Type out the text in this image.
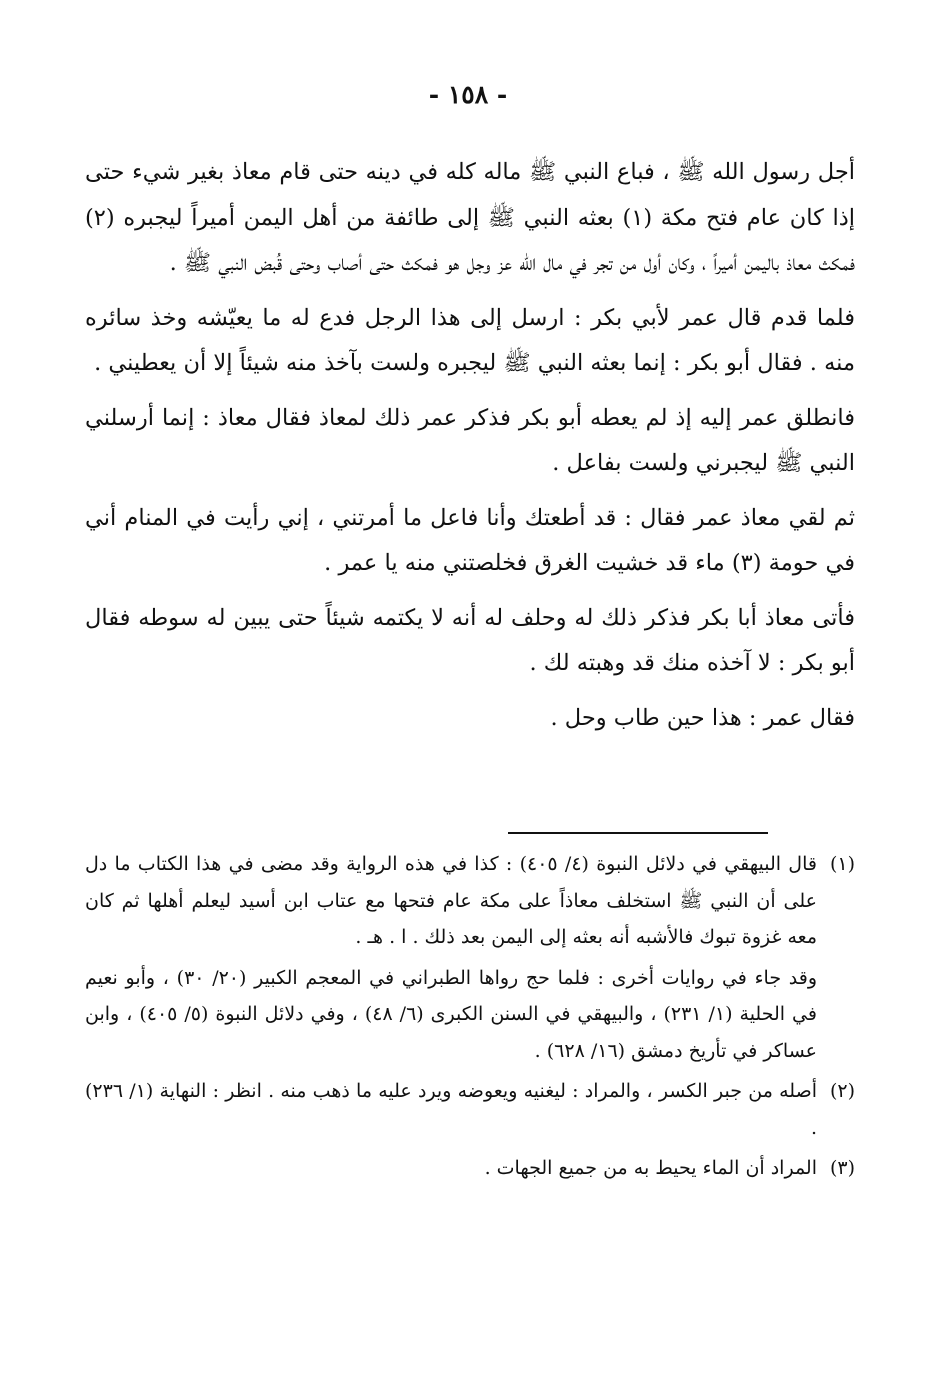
- ١٥٨ -

أجل رسول الله ﷺ ، فباع النبي ﷺ ماله كله في دينه حتى قام معاذ بغير شيء حتى إذا كان عام فتح مكة (١) بعثه النبي ﷺ إلى طائفة من أهل اليمن أميراً ليجبره (٢) فمكث معاذ باليمن أميراً ، وكان أول من تجر في مال الله عز وجل هو فمكث حتى أصاب وحتى قُبض النبي ﷺ .

فلما قدم قال عمر لأبي بكر : ارسل إلى هذا الرجل فدع له ما يعيّشه وخذ سائره منه . فقال أبو بكر : إنما بعثه النبي ﷺ ليجبره ولست بآخذ منه شيئاً إلا أن يعطيني .

فانطلق عمر إليه إذ لم يعطه أبو بكر فذكر عمر ذلك لمعاذ فقال معاذ : إنما أرسلني النبي ﷺ ليجبرني ولست بفاعل .

ثم لقي معاذ عمر فقال : قد أطعتك وأنا فاعل ما أمرتني ، إني رأيت في المنام أني في حومة (٣) ماء قد خشيت الغرق فخلصتني منه يا عمر .

فأتى معاذ أبا بكر فذكر ذلك له وحلف له أنه لا يكتمه شيئاً حتى يبين له سوطه فقال أبو بكر : لا آخذه منك قد وهبته لك .

فقال عمر : هذا حين طاب وحل .

(١)
قال البيهقي في دلائل النبوة (٤/ ٤٠٥) : كذا في هذه الرواية وقد مضى في هذا الكتاب ما دل على أن النبي ﷺ استخلف معاذاً على مكة عام فتحها مع عتاب ابن أسيد ليعلم أهلها ثم كان معه غزوة تبوك فالأشبه أنه بعثه إلى اليمن بعد ذلك . ا . هـ .
وقد جاء في روايات أخرى : فلما حج رواها الطبراني في المعجم الكبير (٢٠/ ٣٠) ، وأبو نعيم في الحلية (١/ ٢٣١) ، والبيهقي في السنن الكبرى (٦/ ٤٨) ، وفي دلائل النبوة (٥/ ٤٠٥) ، وابن عساكر في تأريخ دمشق (١٦/ ٦٢٨) .
(٢)
أصله من جبر الكسر ، والمراد : ليغنيه ويعوضه ويرد عليه ما ذهب منه . انظر : النهاية (١/ ٢٣٦) .
(٣)
المراد أن الماء يحيط به من جميع الجهات .
